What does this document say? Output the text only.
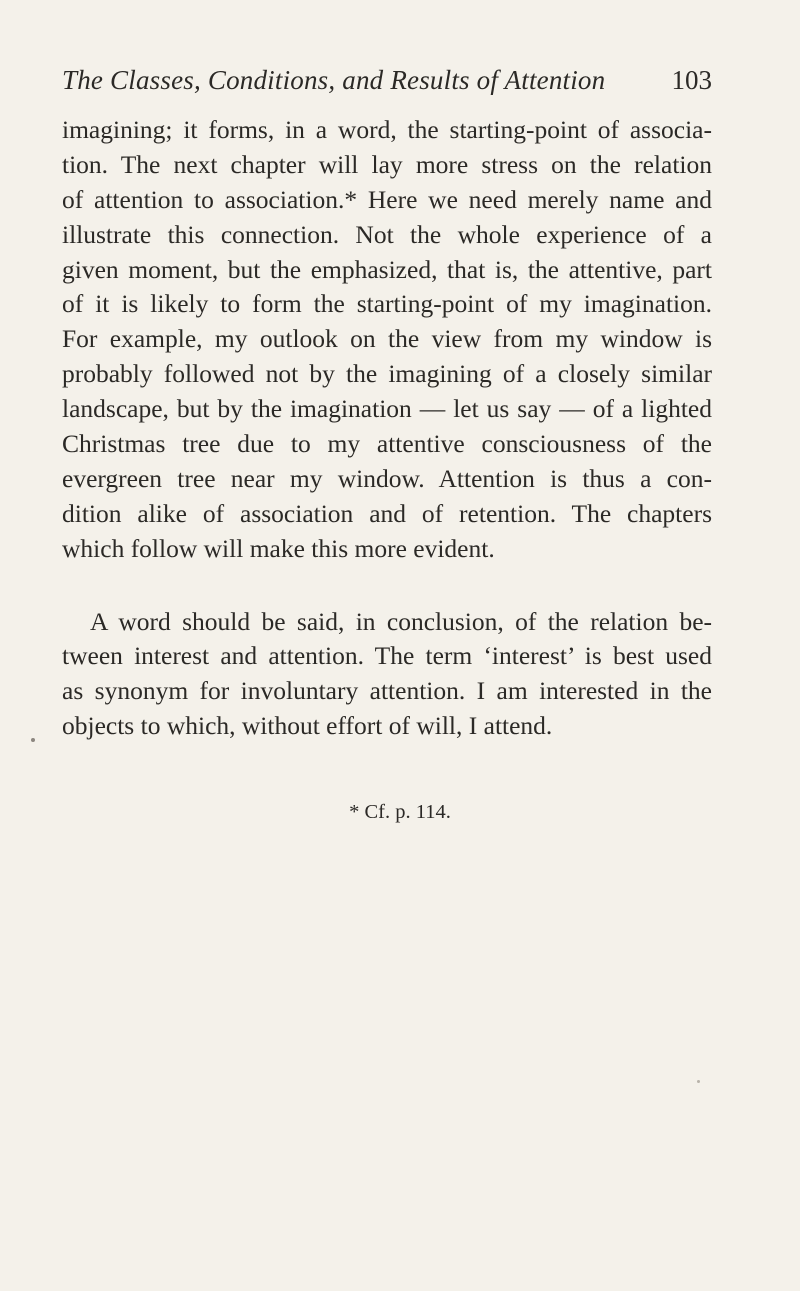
The Classes, Conditions, and Results of Attention 103
imagining; it forms, in a word, the starting-point of associa-
tion. The next chapter will lay more stress on the relation
of attention to association.* Here we need merely name and
illustrate this connection. Not the whole experience of a
given moment, but the emphasized, that is, the attentive, part
of it is likely to form the starting-point of my imagination.
For example, my outlook on the view from my window is
probably followed not by the imagining of a closely similar
landscape, but by the imagination — let us say — of a lighted
Christmas tree due to my attentive consciousness of the
evergreen tree near my window. Attention is thus a con-
dition alike of association and of retention. The chapters
which follow will make this more evident.
A word should be said, in conclusion, of the relation be-
tween interest and attention. The term ‘interest’ is best used
as synonym for involuntary attention. I am interested in the
objects to which, without effort of will, I attend.
* Cf. p. 114.
